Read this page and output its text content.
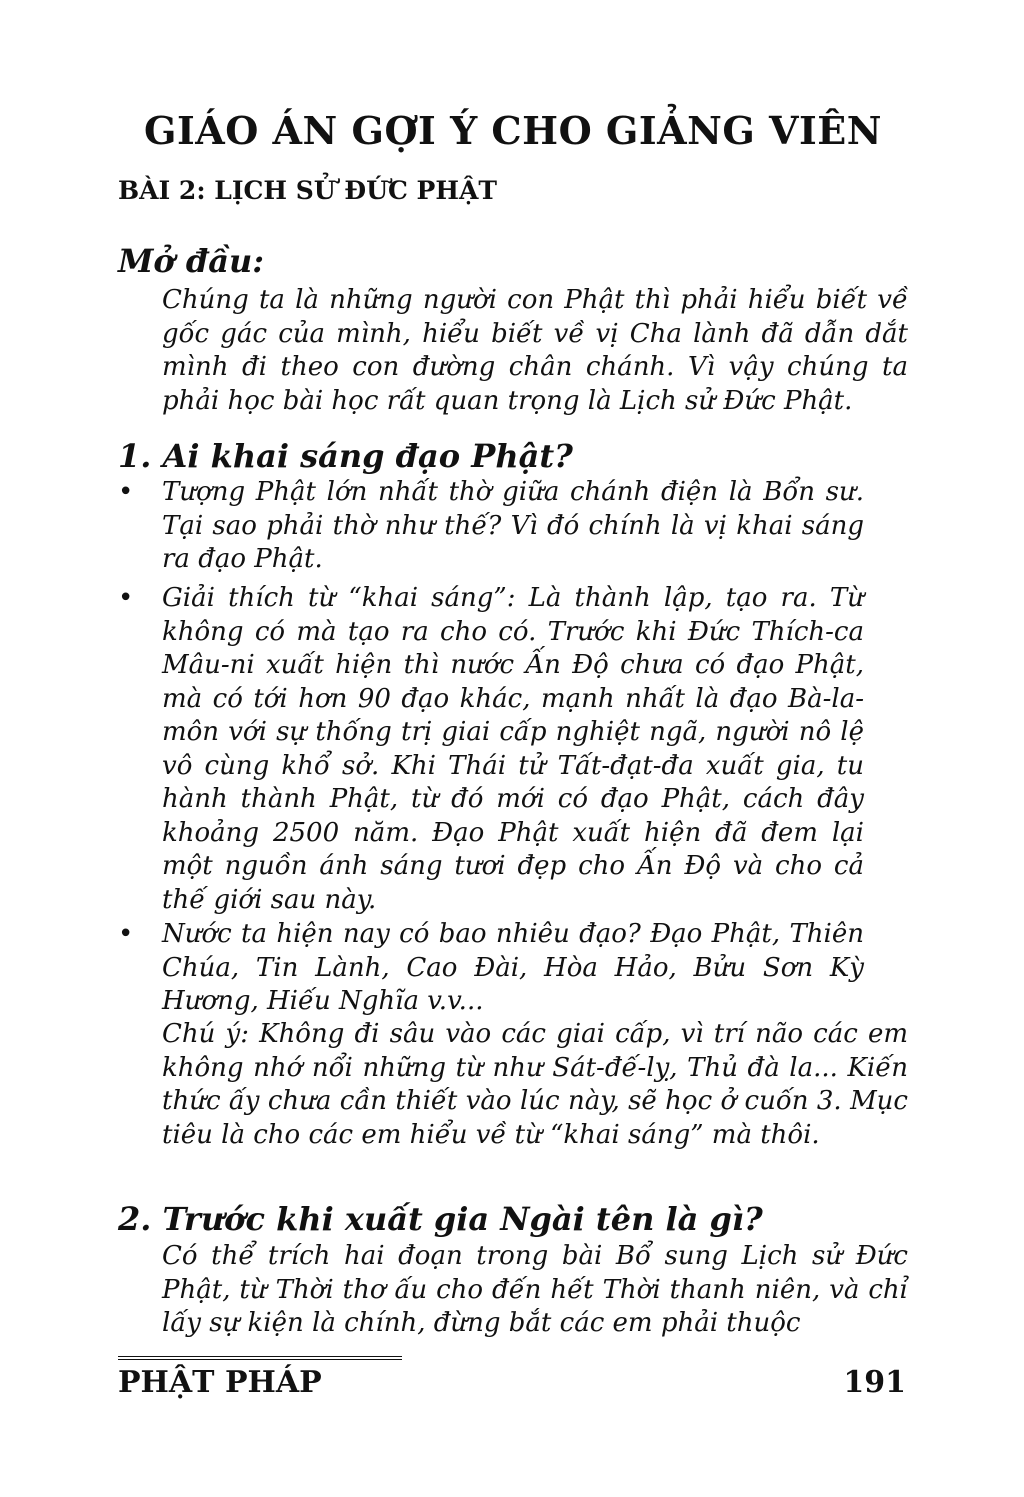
GIÁO ÁN GỢI Ý CHO GIẢNG VIÊN
BÀI 2: LỊCH SỬ ĐỨC PHẬT
Mở đầu:
Chúng ta là những người con Phật thì phải hiểu biết về gốc gác của mình, hiểu biết về vị Cha lành đã dẫn dắt mình đi theo con đường chân chánh. Vì vậy chúng ta phải học bài học rất quan trọng là Lịch sử Đức Phật.
1. Ai khai sáng đạo Phật?
•	Tượng Phật lớn nhất thờ giữa chánh điện là Bổn sư. Tại sao phải thờ như thế? Vì đó chính là vị khai sáng ra đạo Phật.
•	Giải thích từ “khai sáng”: Là thành lập, tạo ra. Từ không có mà tạo ra cho có. Trước khi Đức Thích-ca Mâu-ni xuất hiện thì nước Ấn Độ chưa có đạo Phật, mà có tới hơn 90 đạo khác, mạnh nhất là đạo Bà-la-môn với sự thống trị giai cấp nghiệt ngã, người nô lệ vô cùng khổ sở. Khi Thái tử Tất-đạt-đa xuất gia, tu hành thành Phật, từ đó mới có đạo Phật, cách đây khoảng 2500 năm. Đạo Phật xuất hiện đã đem lại một nguồn ánh sáng tươi đẹp cho Ấn Độ và cho cả thế giới sau này.
•	Nước ta hiện nay có bao nhiêu đạo? Đạo Phật, Thiên Chúa, Tin Lành, Cao Đài, Hòa Hảo, Bửu Sơn Kỳ Hương, Hiếu Nghĩa v.v...
Chú ý: Không đi sâu vào các giai cấp, vì trí não các em không nhớ nổi những từ như Sát-đế-lỵ, Thủ đà la... Kiến thức ấy chưa cần thiết vào lúc này, sẽ học ở cuốn 3. Mục tiêu là cho các em hiểu về từ “khai sáng” mà thôi.
2. Trước khi xuất gia Ngài tên là gì?
Có thể trích hai đoạn trong bài Bổ sung Lịch sử Đức Phật, từ Thời thơ ấu cho đến hết Thời thanh niên, và chỉ lấy sự kiện là chính, đừng bắt các em phải thuộc
PHẬT PHÁP	191
